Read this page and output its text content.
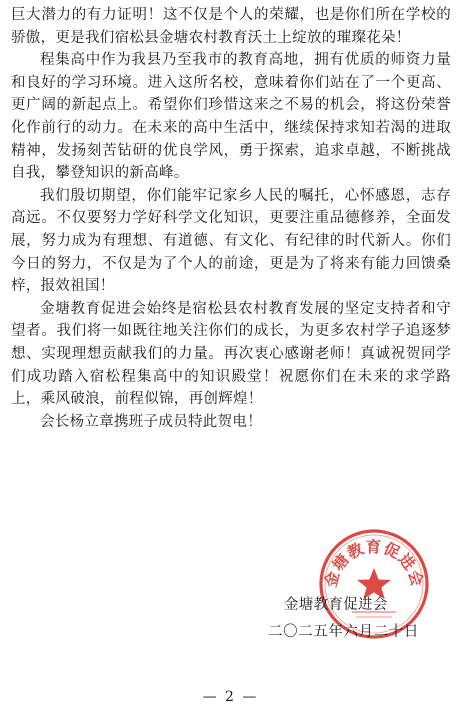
巨大潜力的有力证明！这不仅是个人的荣耀，也是你们所在学校的骄傲，更是我们宿松县金塘农村教育沃土上绽放的璀璨花朵！

程集高中作为我县乃至我市的教育高地，拥有优质的师资力量和良好的学习环境。进入这所名校，意味着你们站在了一个更高、更广阔的新起点上。希望你们珍惜这来之不易的机会，将这份荣誉化作前行的动力。在未来的高中生活中，继续保持求知若渴的进取精神，发扬刻苦钻研的优良学风，勇于探索，追求卓越，不断挑战自我，攀登知识的新高峰。

我们殷切期望，你们能牢记家乡人民的嘱托，心怀感恩，志存高远。不仅要努力学好科学文化知识，更要注重品德修养，全面发展，努力成为有理想、有道德、有文化、有纪律的时代新人。你们今日的努力，不仅是为了个人的前途，更是为了将来有能力回馈桑梓，报效祖国！

金塘教育促进会始终是宿松县农村教育发展的坚定支持者和守望者。我们将一如既往地关注你们的成长，为更多农村学子追逐梦想、实现理想贡献我们的力量。再次衷心感谢老师！真诚祝贺同学们成功踏入宿松程集高中的知识殿堂！祝愿你们在未来的求学路上，乘风破浪，前程似锦，再创辉煌！

会长杨立章携班子成员特此贺电！

金塘教育促进会
金塘教育促进会
二〇二五年六月二十日
— 2 —
